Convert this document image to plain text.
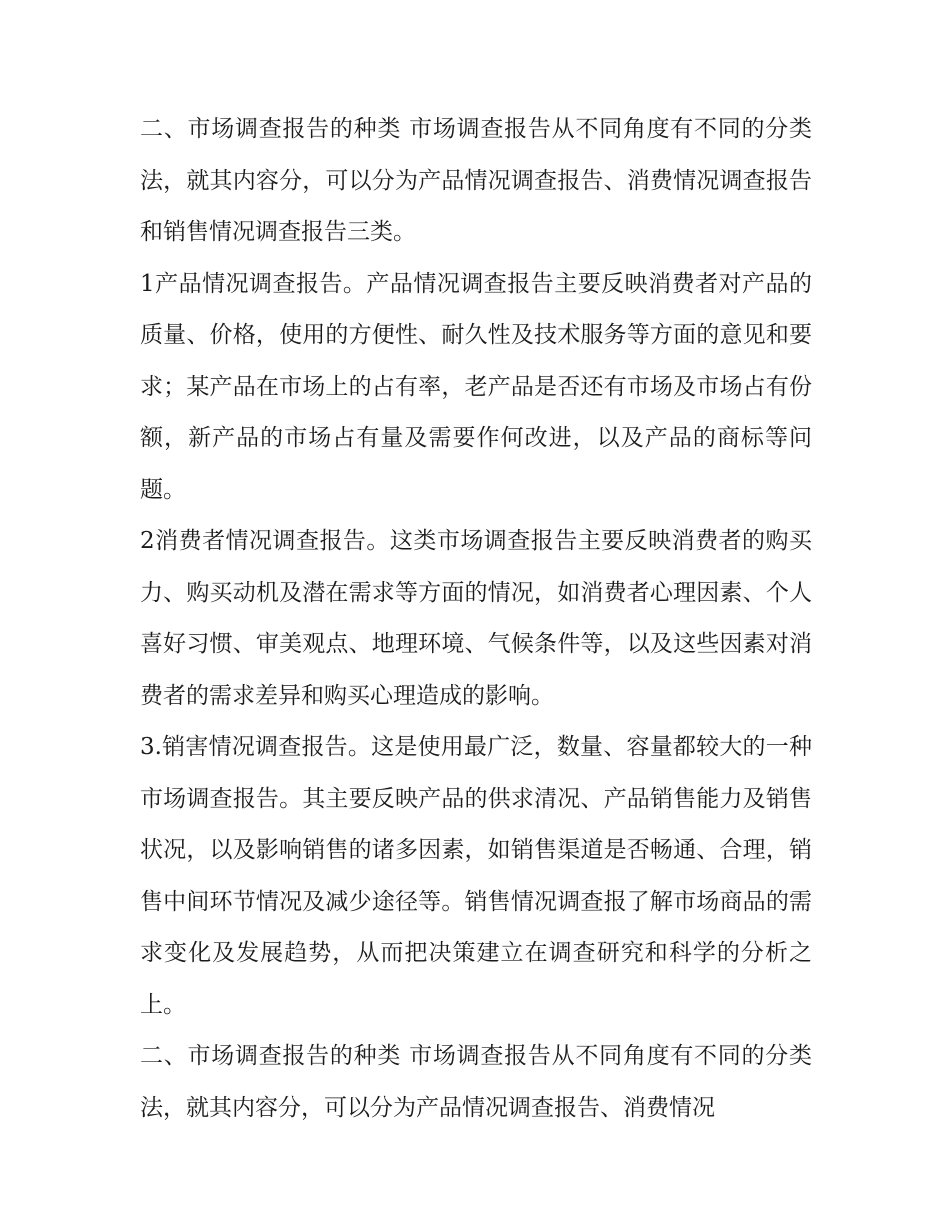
二、市场调查报告的种类 市场调查报告从不同角度有不同的分类法，就其内容分，可以分为产品情况调查报告、消费情况调查报告和销售情况调查报告三类。

1产品情况调查报告。产品情况调查报告主要反映消费者对产品的质量、价格，使用的方便性、耐久性及技术服务等方面的意见和要求；某产品在市场上的占有率，老产品是否还有市场及市场占有份额，新产品的市场占有量及需要作何改进，以及产品的商标等问题。

2消费者情况调查报告。这类市场调查报告主要反映消费者的购买力、购买动机及潜在需求等方面的情况，如消费者心理因素、个人喜好习惯、审美观点、地理环境、气候条件等，以及这些因素对消费者的需求差异和购买心理造成的影响。

3.销害情况调查报告。这是使用最广泛，数量、容量都较大的一种市场调查报告。其主要反映产品的供求清况、产品销售能力及销售状况，以及影响销售的诸多因素，如销售渠道是否畅通、合理，销售中间环节情况及减少途径等。销售情况调查报了解市场商品的需求变化及发展趋势，从而把决策建立在调查研究和科学的分析之上。

二、市场调查报告的种类 市场调查报告从不同角度有不同的分类法，就其内容分，可以分为产品情况调查报告、消费情况
